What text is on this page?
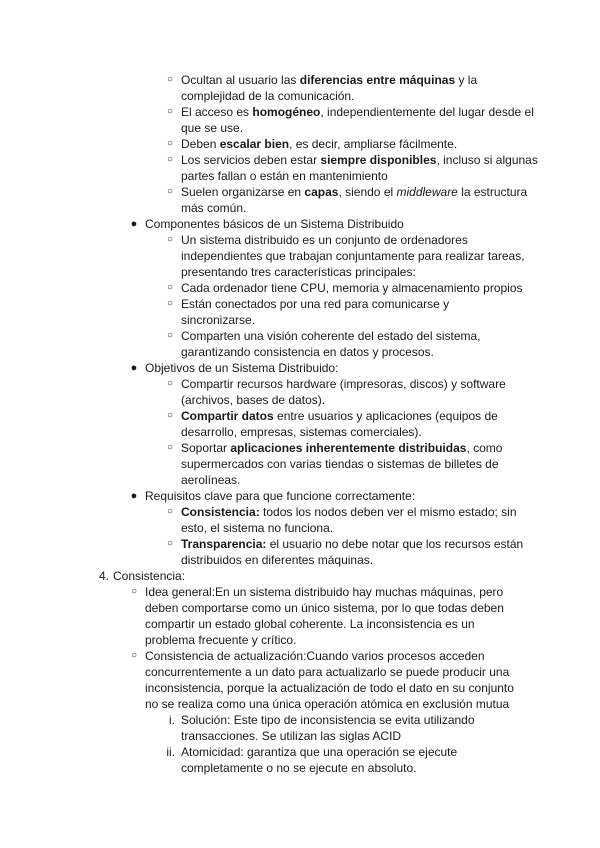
○ Ocultan al usuario las diferencias entre máquinas y la complejidad de la comunicación.
○ El acceso es homogéneo, independientemente del lugar desde el que se use.
○ Deben escalar bien, es decir, ampliarse fácilmente.
○ Los servicios deben estar siempre disponibles, incluso si algunas partes fallan o están en mantenimiento
○ Suelen organizarse en capas, siendo el middleware la estructura más común.
● Componentes básicos de un Sistema Distribuido
○ Un sistema distribuido es un conjunto de ordenadores independientes que trabajan conjuntamente para realizar tareas, presentando tres características principales:
○ Cada ordenador tiene CPU, memoria y almacenamiento propios
○ Están conectados por una red para comunicarse y sincronizarse.
○ Comparten una visión coherente del estado del sistema, garantizando consistencia en datos y procesos.
● Objetivos de un Sistema Distribuido:
○ Compartir recursos hardware (impresoras, discos) y software (archivos, bases de datos).
○ Compartir datos entre usuarios y aplicaciones (equipos de desarrollo, empresas, sistemas comerciales).
○ Soportar aplicaciones inherentemente distribuidas, como supermercados con varias tiendas o sistemas de billetes de aerolíneas.
● Requisitos clave para que funcione correctamente:
○ Consistencia: todos los nodos deben ver el mismo estado; sin esto, el sistema no funciona.
○ Transparencia: el usuario no debe notar que los recursos están distribuidos en diferentes máquinas.
4. Consistencia:
○ Idea general:En un sistema distribuido hay muchas máquinas, pero deben comportarse como un único sistema, por lo que todas deben compartir un estado global coherente. La inconsistencia es un problema frecuente y crítico.
○ Consistencia de actualización:Cuando varios procesos acceden concurrentemente a un dato para actualizarlo se puede producir una inconsistencia, porque la actualización de todo el dato en su conjunto no se realiza como una única operación atómica en exclusión mutua
i. Solución: Este tipo de inconsistencia se evita utilizando transacciones. Se utilizan las siglas ACID
ii. Atomicidad: garantiza que una operación se ejecute completamente o no se ejecute en absoluto.
